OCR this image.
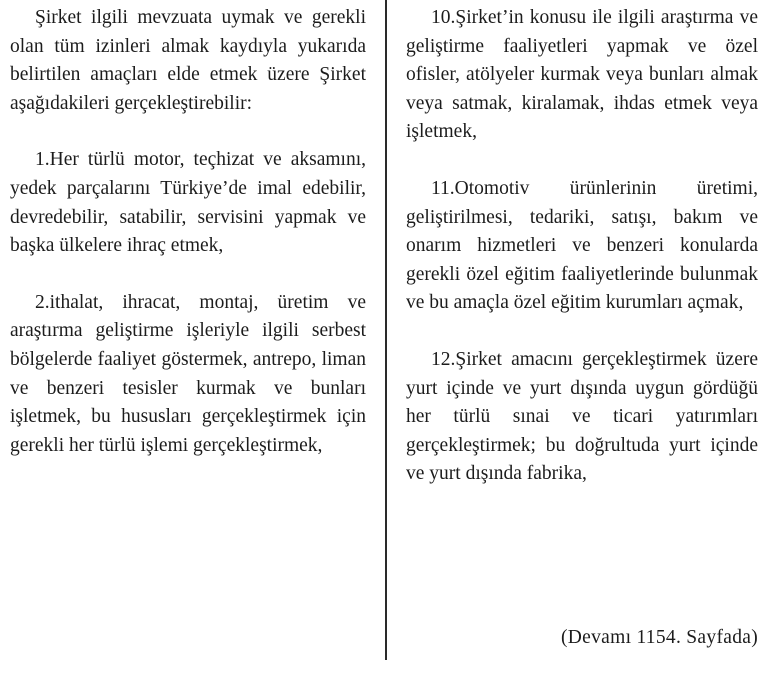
Şirket ilgili mevzuata uymak ve gerekli olan tüm izinleri almak kaydıyla yukarıda belirtilen amaçları elde etmek üzere Şirket aşağıdakileri gerçekleştirebilir:

1.Her türlü motor, teçhizat ve aksamını, yedek parçalarını Türkiye’de imal edebilir, devredebilir, satabilir, servisini yapmak ve başka ülkelere ihraç etmek,

2.ithalat, ihracat, montaj, üretim ve araştırma geliştirme işleriyle ilgili serbest bölgelerde faaliyet göstermek, antrepo, liman ve benzeri tesisler kurmak ve bunları işletmek, bu hususları gerçekleştirmek için gerekli her türlü işlemi gerçekleştirmek,

10.Şirket’in konusu ile ilgili araştırma ve geliştirme faaliyetleri yapmak ve özel ofisler, atölyeler kurmak veya bunları almak veya satmak, kiralamak, ihdas etmek veya işletmek,

11.Otomotiv ürünlerinin üretimi, geliştirilmesi, tedariki, satışı, bakım ve onarım hizmetleri ve benzeri konularda gerekli özel eğitim faaliyetlerinde bulunmak ve bu amaçla özel eğitim kurumları açmak,

12.Şirket amacını gerçekleştirmek üzere yurt içinde ve yurt dışında uygun gördüğü her türlü sınai ve ticari yatırımları gerçekleştirmek; bu doğrultuda yurt içinde ve yurt dışında fabrika,

(Devamı 1154. Sayfada)
